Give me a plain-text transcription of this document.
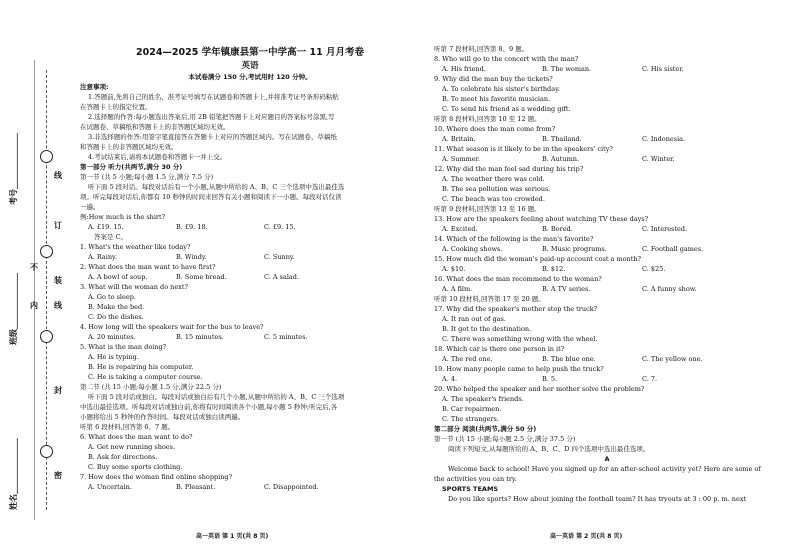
考号______________
班级______________
姓名______________
线
订
装
不
内 线
封
密
2024—2025 学年镇康县第一中学高一 11 月月考卷
英语
本试卷满分 150 分,考试用时 120 分钟。
注意事项:
1.答题前,先将自己的姓名、准考证号填写在试题卷和答题卡上,并将准考证号条形码粘贴
在答题卡上的指定位置。
2.选择题的作答:每小题选出答案后,用 2B 铅笔把答题卡上对应题目的答案标号涂黑,写
在试题卷、草稿纸和答题卡上的非答题区域均无效。
3.非选择题的作答:用签字笔直接答在答题卡上对应的答题区域内。写在试题卷、草稿纸
和答题卡上的非答题区域均无效。
4.考试结束后,请将本试题卷和答题卡一并上交。
第一部分 听力(共两节,满分 30 分)
第一节 (共 5 小题;每小题 1.5 分,满分 7.5 分)
听下面 5 段对话。每段对话后有一个小题,从题中所给的 A、B、C 三个选项中选出最佳选
项。听完每段对话后,你都有 10 秒钟的时间来回答有关小题和阅读下一小题。每段对话仅读
一遍。
例:How much is the shirt?
A. £19. 15.	B. £9. 18.	C. £9. 15.
答案是 C。
1. What's the weather like today?
A. Rainy.	B. Windy.	C. Sunny.
2. What does the man want to have first?
A. A bowl of soup.	B. Some bread.	C. A salad.
3. What will the woman do next?
A. Go to sleep.
B. Make the bed.
C. Do the dishes.
4. How long will the speakers wait for the bus to leave?
A. 20 minutes.	B. 15 minutes.	C. 5 minutes.
5. What is the man doing?
A. He is typing.
B. He is repairing his computer.
C. He is taking a computer course.
第二节 (共 15 小题;每小题 1.5 分,满分 22.5 分)
听下面 5 段对话或独白。每段对话或独白后有几个小题,从题中所给的 A、B、C 三个选项
中选出最佳选项。听每段对话或独白前,你将有时间阅读各个小题,每小题 5 秒钟;听完后,各
小题将给出 5 秒钟的作答时间。每段对话或独白读两遍。
听第 6 段材料,回答第 6、7 题。
6. What does the man want to do?
A. Get new running shoes.
B. Ask for directions.
C. Buy some sports clothing.
7. How does the woman find online shopping?
A. Uncertain.	B. Pleasant.	C. Disappointed.
听第 7 段材料,回答第 8、9 题。
8. Who will go to the concert with the man?
A. His friend.	B. The woman.	C. His sister.
9. Why did the man buy the tickets?
A. To celebrate his sister's birthday.
B. To meet his favorite musician.
C. To send his friend as a wedding gift.
听第 8 段材料,回答第 10 至 12 题。
10. Where does the man come from?
A. Britain.	B. Thailand.	C. Indonesia.
11. What season is it likely to be in the speakers' city?
A. Summer.	B. Autumn.	C. Winter.
12. Why did the man feel sad during his trip?
A. The weather there was cold.
B. The sea pollution was serious.
C. The beach was too crowded.
听第 9 段材料,回答第 13 至 16 题。
13. How are the speakers feeling about watching TV these days?
A. Excited.	B. Bored.	C. Interested.
14. Which of the following is the man's favorite?
A. Cooking shows.	B. Music programs.	C. Football games.
15. How much did the woman's paid-up account cost a month?
A. $10.	B. $12.	C. $25.
16. What does the man recommend to the woman?
A. A film.	B. A TV series.	C. A funny show.
听第 10 段材料,回答第 17 至 20 题。
17. Why did the speaker's mother stop the truck?
A. It ran out of gas.
B. It got to the destination.
C. There was something wrong with the wheel.
18. Which car is there one person in it?
A. The red one.	B. The blue one.	C. The yellow one.
19. How many people came to help push the truck?
A. 4.	B. 5.	C. 7.
20. Who helped the speaker and her mother solve the problem?
A. The speaker's friends.
B. Car repairmen.
C. The strangers.
第二部分 阅读(共两节,满分 50 分)
第一节 (共 15 小题;每小题 2.5 分,满分 37.5 分)
阅读下列短文,从每题所给的 A、B、C、D 四个选项中选出最佳选项。
A
Welcome back to school! Have you signed up for an after-school activity yet? Here are some of
the activities you can try.
SPORTS TEAMS
Do you like sports? How about joining the football team? It has tryouts at 3 : 00 p. m. next
高一英语 第 1 页(共 8 页)	高一英语 第 2 页(共 8 页)
